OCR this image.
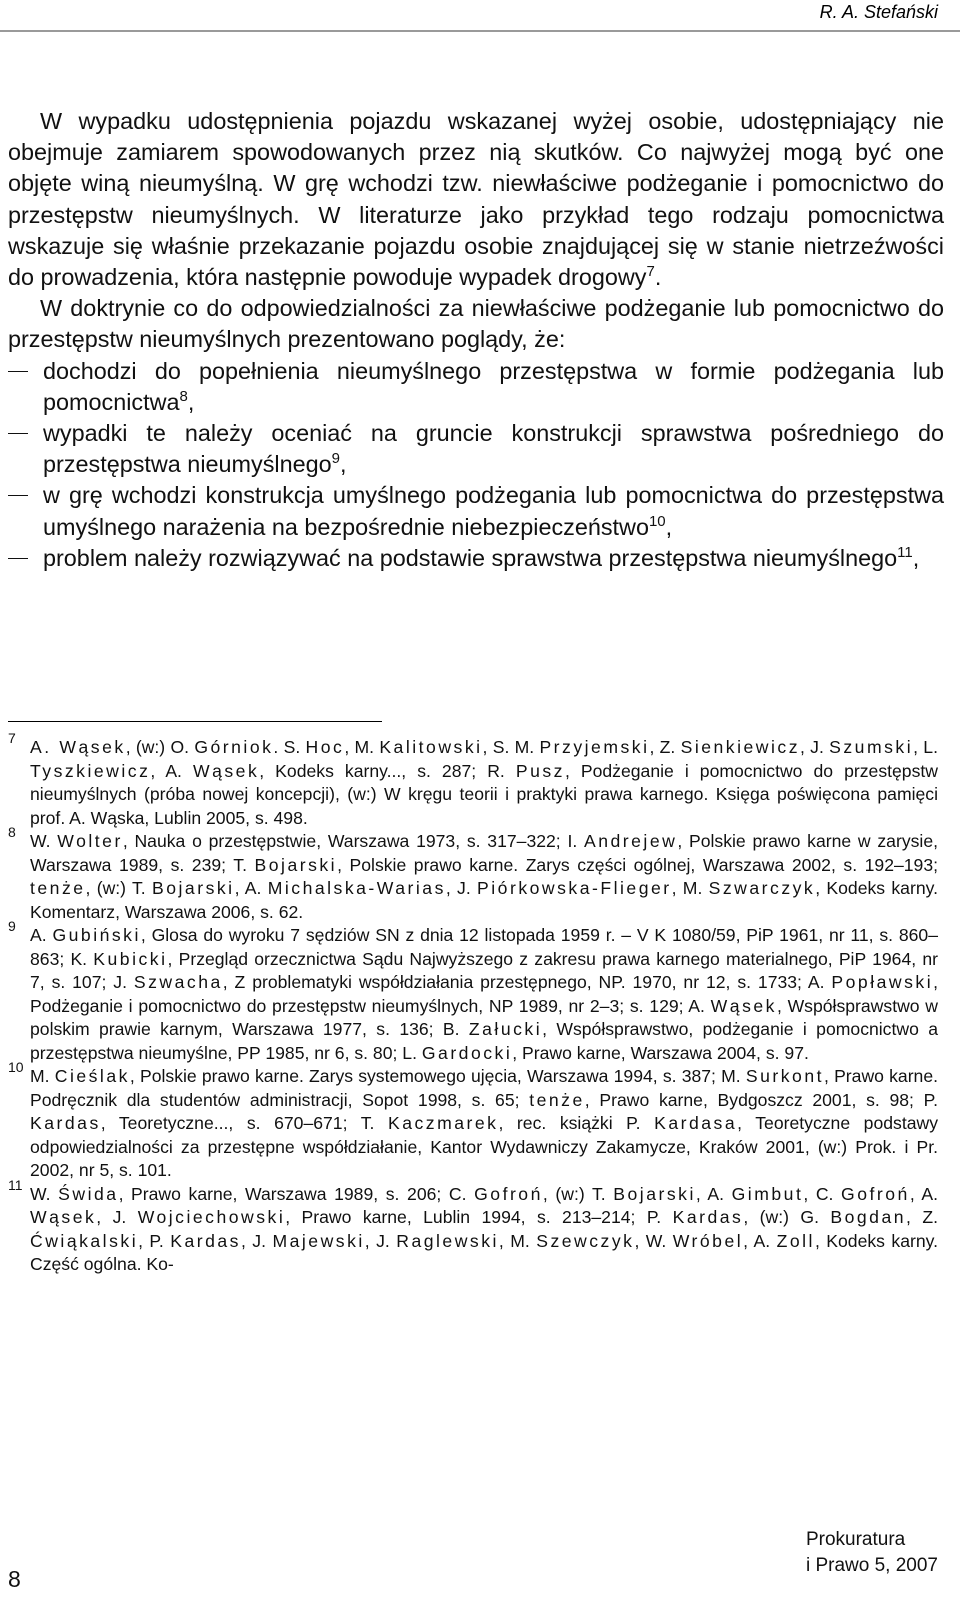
R. A. Stefański

W wypadku udostępnienia pojazdu wskazanej wyżej osobie, udostępniający nie obejmuje zamiarem spowodowanych przez nią skutków. Co najwyżej mogą być one objęte winą nieumyślną. W grę wchodzi tzw. niewłaściwe podżeganie i pomocnictwo do przestępstw nieumyślnych. W literaturze jako przykład tego rodzaju pomocnictwa wskazuje się właśnie przekazanie pojazdu osobie znajdującej się w stanie nietrzeźwości do prowadzenia, która następnie powoduje wypadek drogowy$^7$.

W doktrynie co do odpowiedzialności za niewłaściwe podżeganie lub pomocnictwo do przestępstw nieumyślnych prezentowano poglądy, że:

dochodzi do popełnienia nieumyślnego przestępstwa w formie podżegania lub pomocnictwa$^8$,
wypadki te należy oceniać na gruncie konstrukcji sprawstwa pośredniego do przestępstwa nieumyślnego$^9$,
w grę wchodzi konstrukcja umyślnego podżegania lub pomocnictwa do przestępstwa umyślnego narażenia na bezpośrednie niebezpieczeństwo$^{10}$,
problem należy rozwiązywać na podstawie sprawstwa przestępstwa nieumyślnego$^{11}$,

7 A. Wąsek, (w:) O. Górniok. S. Hoc, M. Kalitowski, S. M. Przyjemski, Z. Sienkiewicz, J. Szumski, L. Tyszkiewicz, A. Wąsek, Kodeks karny..., s. 287; R. Pusz, Podżeganie i pomocnictwo do przestępstw nieumyślnych (próba nowej koncepcji), (w:) W kręgu teorii i praktyki prawa karnego. Księga poświęcona pamięci prof. A. Wąska, Lublin 2005, s. 498.

8 W. Wolter, Nauka o przestępstwie, Warszawa 1973, s. 317–322; I. Andrejew, Polskie prawo karne w zarysie, Warszawa 1989, s. 239; T. Bojarski, Polskie prawo karne. Zarys części ogólnej, Warszawa 2002, s. 192–193; tenże, (w:) T. Bojarski, A. Michalska-Warias, J. Piórkowska-Flieger, M. Szwarczyk, Kodeks karny. Komentarz, Warszawa 2006, s. 62.

9 A. Gubiński, Glosa do wyroku 7 sędziów SN z dnia 12 listopada 1959 r. – V K 1080/59, PiP 1961, nr 11, s. 860–863; K. Kubicki, Przegląd orzecznictwa Sądu Najwyższego z zakresu prawa karnego materialnego, PiP 1964, nr 7, s. 107; J. Szwacha, Z problematyki współdziałania przestępnego, NP. 1970, nr 12, s. 1733; A. Popławski, Podżeganie i pomocnictwo do przestępstw nieumyślnych, NP 1989, nr 2–3; s. 129; A. Wąsek, Współsprawstwo w polskim prawie karnym, Warszawa 1977, s. 136; B. Załucki, Współsprawstwo, podżeganie i pomocnictwo a przestępstwa nieumyślne, PP 1985, nr 6, s. 80; L. Gardocki, Prawo karne, Warszawa 2004, s. 97.

10 M. Cieślak, Polskie prawo karne. Zarys systemowego ujęcia, Warszawa 1994, s. 387; M. Surkont, Prawo karne. Podręcznik dla studentów administracji, Sopot 1998, s. 65; tenże, Prawo karne, Bydgoszcz 2001, s. 98; P. Kardas, Teoretyczne..., s. 670–671; T. Kaczmarek, rec. książki P. Kardasa, Teoretyczne podstawy odpowiedzialności za przestępne współdziałanie, Kantor Wydawniczy Zakamycze, Kraków 2001, (w:) Prok. i Pr. 2002, nr 5, s. 101.

11 W. Świda, Prawo karne, Warszawa 1989, s. 206; C. Gofroń, (w:) T. Bojarski, A. Gimbut, C. Gofroń, A. Wąsek, J. Wojciechowski, Prawo karne, Lublin 1994, s. 213–214; P. Kardas, (w:) G. Bogdan, Z. Ćwiąkalski, P. Kardas, J. Majewski, J. Raglewski, M. Szewczyk, W. Wróbel, A. Zoll, Kodeks karny. Część ogólna. Ko-

8
Prokuratura
i Prawo 5, 2007
